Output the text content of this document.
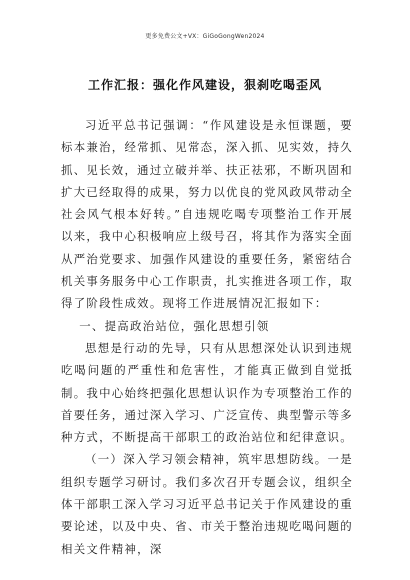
更多免费公文+VX：GiGoGongWen2024
工作汇报：强化作风建设，狠刹吃喝歪风

习近平总书记强调：“作风建设是永恒课题，要标本兼治，经常抓、见常态，深入抓、见实效，持久抓、见长效，通过立破并举、扶正祛邪，不断巩固和扩大已经取得的成果，努力以优良的党风政风带动全社会风气根本好转。”自违规吃喝专项整治工作开展以来，我中心积极响应上级号召，将其作为落实全面从严治党要求、加强作风建设的重要任务，紧密结合机关事务服务中心工作职责，扎实推进各项工作，取得了阶段性成效。现将工作进展情况汇报如下：

一、提高政治站位，强化思想引领

思想是行动的先导，只有从思想深处认识到违规吃喝问题的严重性和危害性，才能真正做到自觉抵制。我中心始终把强化思想认识作为专项整治工作的首要任务，通过深入学习、广泛宣传、典型警示等多种方式，不断提高干部职工的政治站位和纪律意识。

（一）深入学习领会精神，筑牢思想防线。一是组织专题学习研讨。我们多次召开专题会议，组织全体干部职工深入学习习近平总书记关于作风建设的重要论述，以及中央、省、市关于整治违规吃喝问题的相关文件精神，深
